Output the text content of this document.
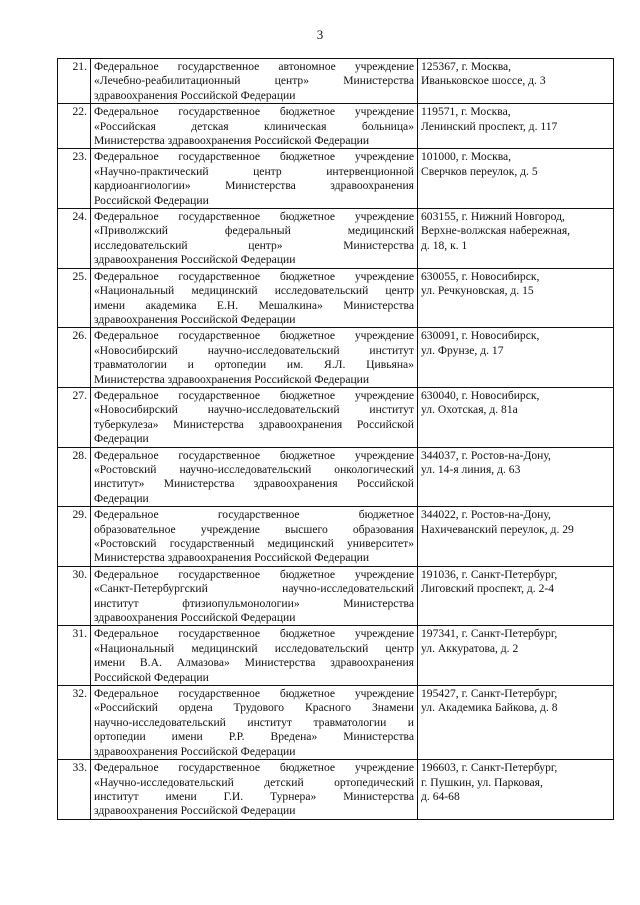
3
21.	Федеральное государственное автономное учреждение
«Лечебно-реабилитационный центр» Министерства
здравоохранения Российской Федерации	125367, г. Москва,
Иваньковское шоссе, д. 3

22.	Федеральное государственное бюджетное учреждение
«Российская детская клиническая больница»
Министерства здравоохранения Российской Федерации	119571, г. Москва,
Ленинский проспект, д. 117

23.	Федеральное государственное бюджетное учреждение
«Научно-практический центр интервенционной
кардиоангиологии» Министерства здравоохранения
Российской Федерации	101000, г. Москва,
Сверчков переулок, д. 5

24.	Федеральное государственное бюджетное учреждение
«Приволжский федеральный медицинский
исследовательский центр» Министерства
здравоохранения Российской Федерации	603155, г. Нижний Новгород,
Верхне-волжская набережная,
д. 18, к. 1

25.	Федеральное государственное бюджетное учреждение
«Национальный медицинский исследовательский центр
имени академика Е.Н. Мешалкина» Министерства
здравоохранения Российской Федерации	630055, г. Новосибирск,
ул. Речкуновская, д. 15

26.	Федеральное государственное бюджетное учреждение
«Новосибирский научно-исследовательский институт
травматологии и ортопедии им. Я.Л. Цивьяна»
Министерства здравоохранения Российской Федерации	630091, г. Новосибирск,
ул. Фрунзе, д. 17

27.	Федеральное государственное бюджетное учреждение
«Новосибирский научно-исследовательский институт
туберкулеза» Министерства здравоохранения Российской
Федерации	630040, г. Новосибирск,
ул. Охотская, д. 81а

28.	Федеральное государственное бюджетное учреждение
«Ростовский научно-исследовательский онкологический
институт» Министерства здравоохранения Российской
Федерации	344037, г. Ростов-на-Дону,
ул. 14-я линия, д. 63

29.	Федеральное государственное бюджетное
образовательное учреждение высшего образования
«Ростовский государственный медицинский университет»
Министерства здравоохранения Российской Федерации	344022, г. Ростов-на-Дону,
Нахичеванский переулок, д. 29

30.	Федеральное государственное бюджетное учреждение
«Санкт-Петербургский научно-исследовательский
институт фтизиопульмонологии» Министерства
здравоохранения Российской Федерации	191036, г. Санкт-Петербург,
Лиговский проспект, д. 2-4

31.	Федеральное государственное бюджетное учреждение
«Национальный медицинский исследовательский центр
имени В.А. Алмазова» Министерства здравоохранения
Российской Федерации	197341, г. Санкт-Петербург,
ул. Аккуратова, д. 2

32.	Федеральное государственное бюджетное учреждение
«Российский ордена Трудового Красного Знамени
научно-исследовательский институт травматологии и
ортопедии имени Р.Р. Вредена» Министерства
здравоохранения Российской Федерации	195427, г. Санкт-Петербург,
ул. Академика Байкова, д. 8

33.	Федеральное государственное бюджетное учреждение
«Научно-исследовательский детский ортопедический
институт имени Г.И. Турнера» Министерства
здравоохранения Российской Федерации	196603, г. Санкт-Петербург,
г. Пушкин, ул. Парковая,
д. 64-68
